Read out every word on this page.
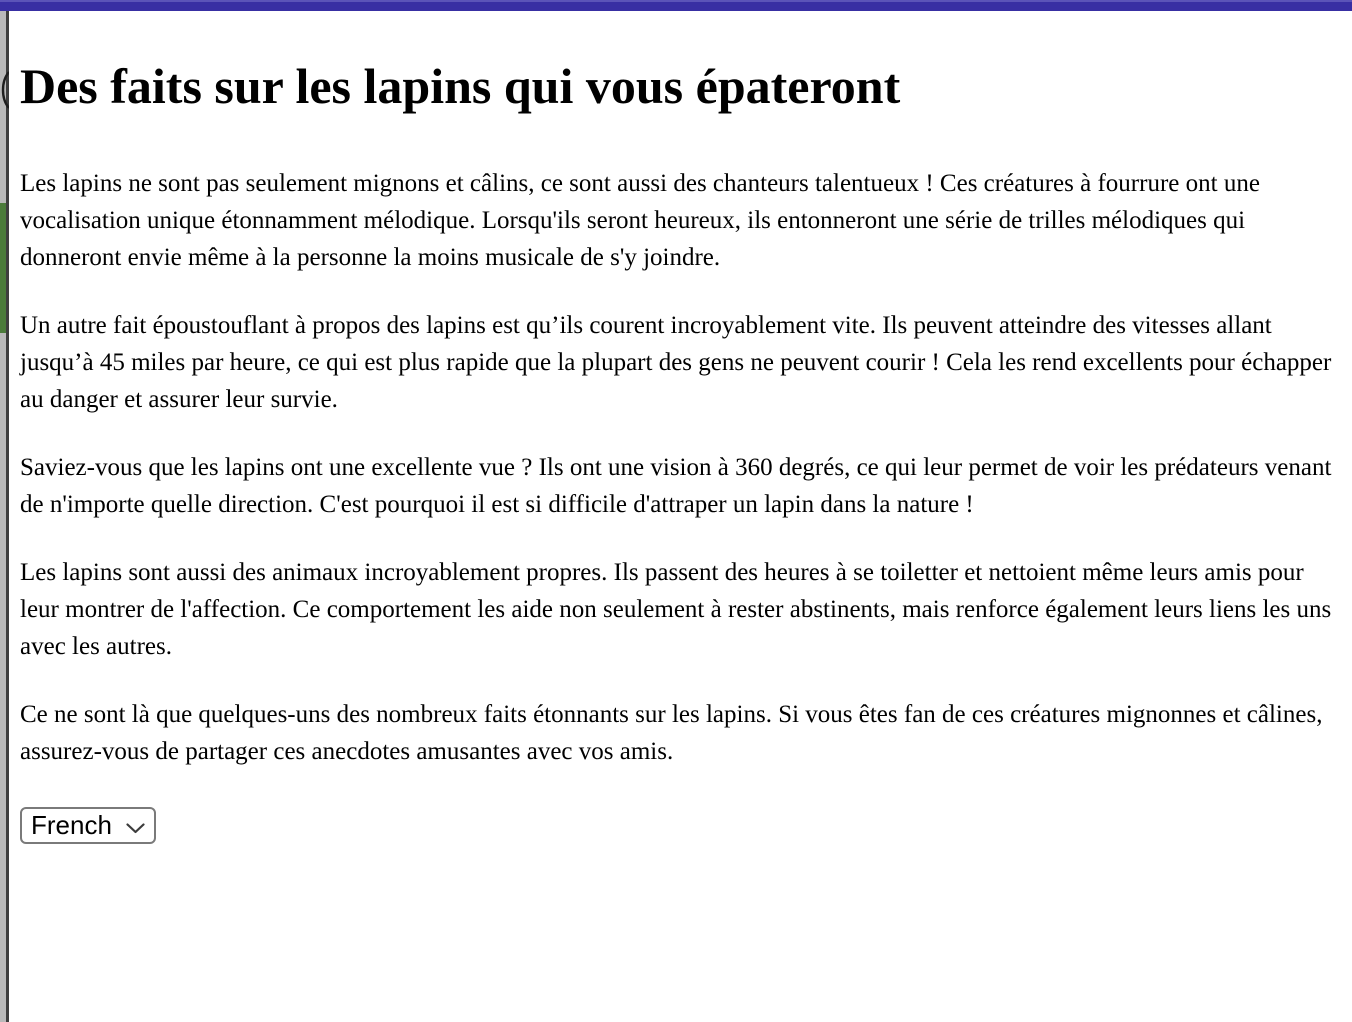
Des faits sur les lapins qui vous épateront

Les lapins ne sont pas seulement mignons et câlins, ce sont aussi des chanteurs talentueux ! Ces créatures à fourrure ont une vocalisation unique étonnamment mélodique. Lorsqu'ils seront heureux, ils entonneront une série de trilles mélodiques qui donneront envie même à la personne la moins musicale de s'y joindre.

Un autre fait époustouflant à propos des lapins est qu’ils courent incroyablement vite. Ils peuvent atteindre des vitesses allant jusqu’à 45 miles par heure, ce qui est plus rapide que la plupart des gens ne peuvent courir ! Cela les rend excellents pour échapper au danger et assurer leur survie.

Saviez-vous que les lapins ont une excellente vue ? Ils ont une vision à 360 degrés, ce qui leur permet de voir les prédateurs venant de n'importe quelle direction. C'est pourquoi il est si difficile d'attraper un lapin dans la nature !

Les lapins sont aussi des animaux incroyablement propres. Ils passent des heures à se toiletter et nettoient même leurs amis pour leur montrer de l'affection. Ce comportement les aide non seulement à rester abstinents, mais renforce également leurs liens les uns avec les autres.

Ce ne sont là que quelques-uns des nombreux faits étonnants sur les lapins. Si vous êtes fan de ces créatures mignonnes et câlines, assurez-vous de partager ces anecdotes amusantes avec vos amis.

French
